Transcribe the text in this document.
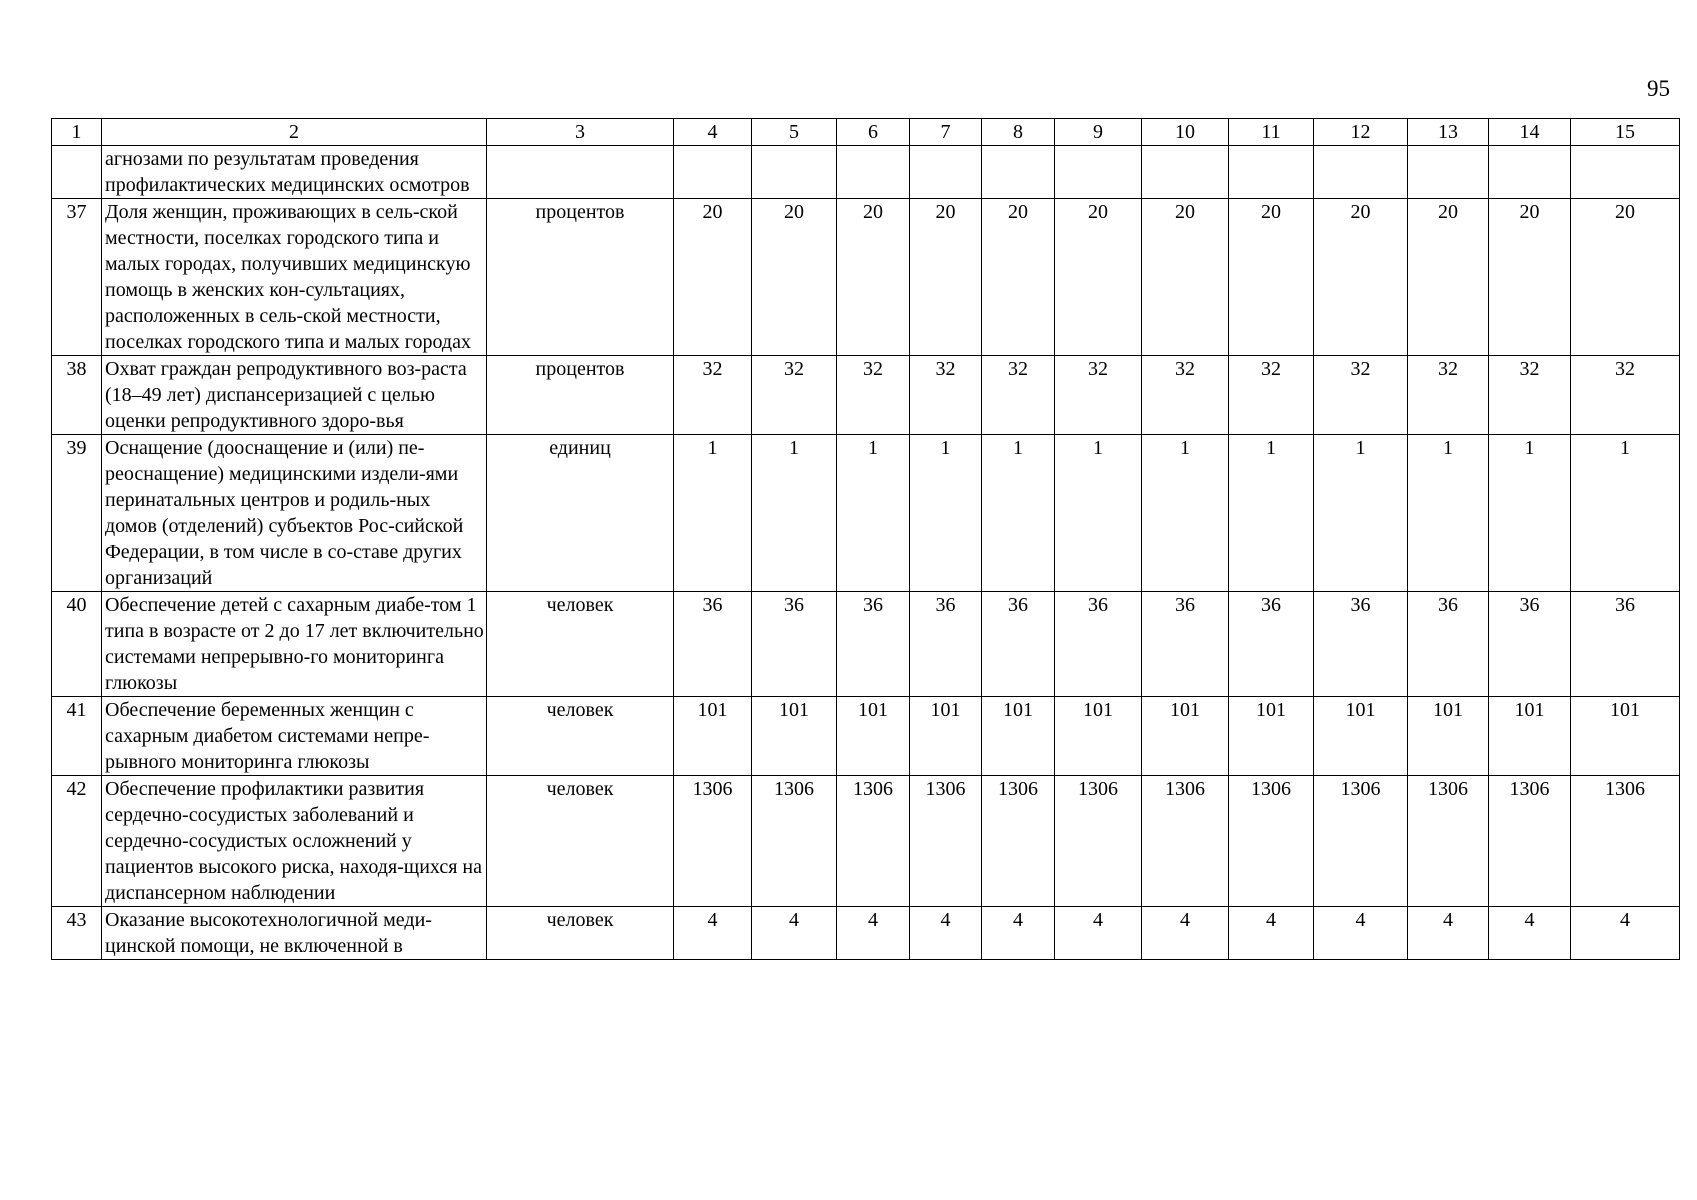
95
1	2	3	4	5	6	7	8	9	10	11	12	13	14	15
	агнозами по результатам проведения профилактических медицинских осмотров													
37	Доля женщин, проживающих в сель-ской местности, поселках городского типа и малых городах, получивших медицинскую помощь в женских кон-сультациях, расположенных в сель-ской местности, поселках городского типа и малых городах	процентов	20	20	20	20	20	20	20	20	20	20	20	20
38	Охват граждан репродуктивного воз-раста (18–49 лет) диспансеризацией с целью оценки репродуктивного здоро-вья	процентов	32	32	32	32	32	32	32	32	32	32	32	32
39	Оснащение (дооснащение и (или) пе-реоснащение) медицинскими издели-ями перинатальных центров и родиль-ных домов (отделений) субъектов Рос-сийской Федерации, в том числе в со-ставе других организаций	единиц	1	1	1	1	1	1	1	1	1	1	1	1
40	Обеспечение детей с сахарным диабе-том 1 типа в возрасте от 2 до 17 лет включительно системами непрерывно-го мониторинга глюкозы	человек	36	36	36	36	36	36	36	36	36	36	36	36
41	Обеспечение беременных женщин с сахарным диабетом системами непре-рывного мониторинга глюкозы	человек	101	101	101	101	101	101	101	101	101	101	101	101
42	Обеспечение профилактики развития сердечно-сосудистых заболеваний и сердечно-сосудистых осложнений у пациентов высокого риска, находя-щихся на диспансерном наблюдении	человек	1306	1306	1306	1306	1306	1306	1306	1306	1306	1306	1306	1306
43	Оказание высокотехнологичной меди-цинской помощи, не включенной в	человек	4	4	4	4	4	4	4	4	4	4	4	4
